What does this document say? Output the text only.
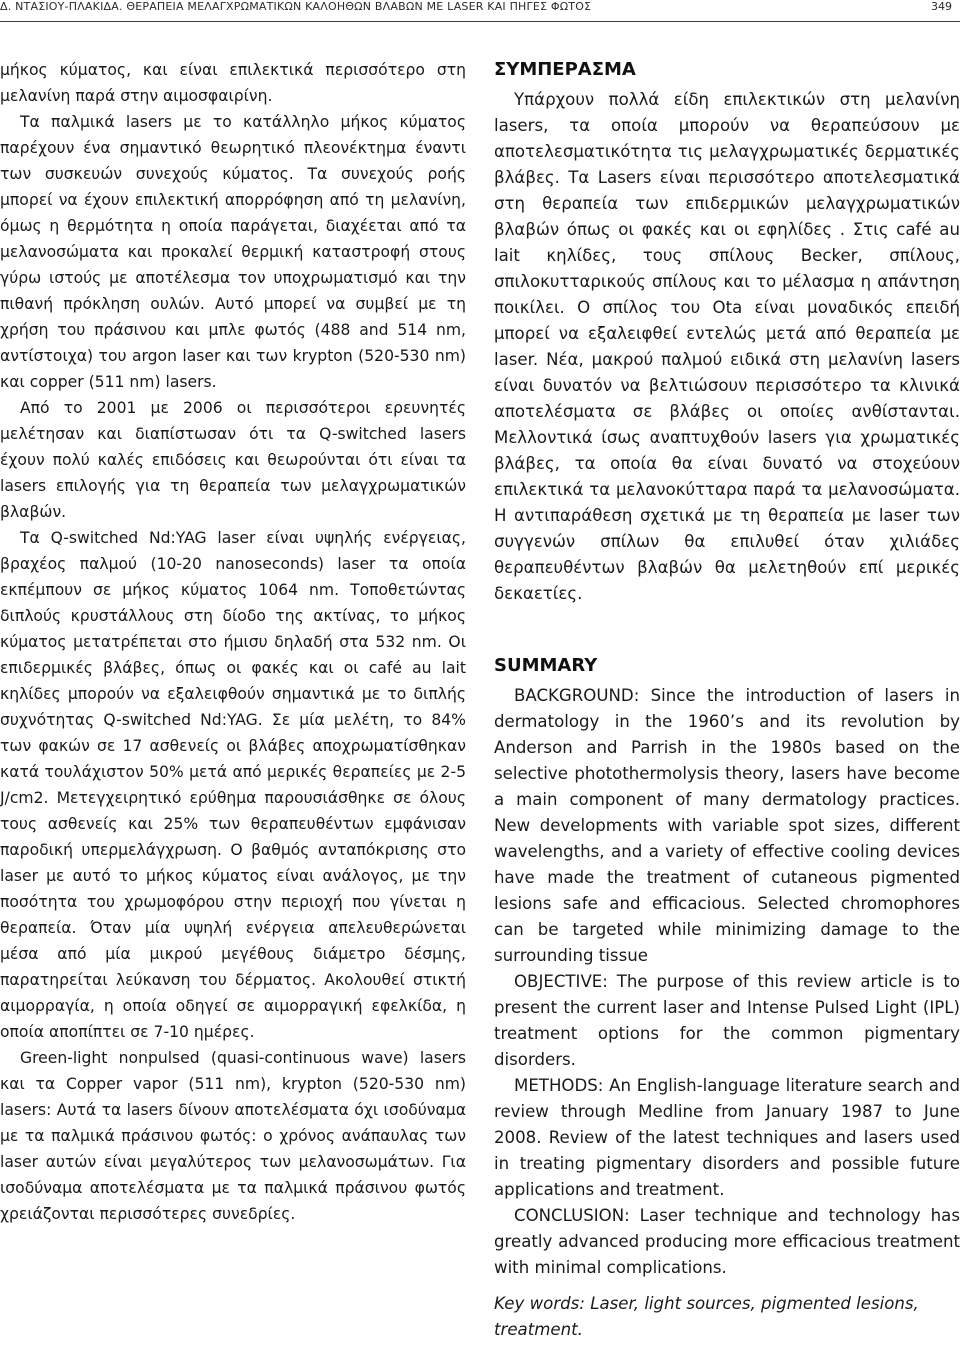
Δ. ΝΤΑΣΙΟΥ-ΠΛΑΚΙΔΑ. ΘΕΡΑΠΕΙΑ ΜΕΛΑΓΧΡΩΜΑΤΙΚΩΝ ΚΑΛΟΗΘΩΝ ΒΛΑΒΩΝ ΜΕ LASER ΚΑΙ ΠΗΓΕΣ ΦΩΤΟΣ	349

μήκος κύματος, και είναι επιλεκτικά περισσότερο στη μελανίνη παρά στην αιμοσφαιρίνη.

Τα παλμικά lasers με το κατάλληλο μήκος κύματος παρέχουν ένα σημαντικό θεωρητικό πλεονέκτημα έναντι των συσκευών συνεχούς κύματος. Τα συνεχούς ροής μπορεί να έχουν επιλεκτική απορρόφηση από τη μελανίνη, όμως η θερμότητα η οποία παράγεται, διαχέεται από τα μελανοσώματα και προκαλεί θερμική καταστροφή στους γύρω ιστούς με αποτέλεσμα τον υποχρωματισμό και την πιθανή πρόκληση ουλών. Αυτό μπορεί να συμβεί με τη χρήση του πράσινου και μπλε φωτός (488 and 514 nm, αντίστοιχα) του argon laser και των krypton (520-530 nm) και copper (511 nm) lasers.

Από το 2001 με 2006 οι περισσότεροι ερευνητές μελέτησαν και διαπίστωσαν ότι τα Q-switched lasers έχουν πολύ καλές επιδόσεις και θεωρούνται ότι είναι τα lasers επιλογής για τη θεραπεία των μελαγχρωματικών βλαβών.

Τα Q-switched Nd:YAG laser είναι υψηλής ενέργειας, βραχέος παλμού (10-20 nanoseconds) laser τα οποία εκπέμπουν σε μήκος κύματος 1064 nm. Τοποθετώντας διπλούς κρυστάλλους στη δίοδο της ακτίνας, το μήκος κύματος μετατρέπεται στο ήμισυ δηλαδή στα 532 nm. Οι επιδερμικές βλάβες, όπως οι φακές και οι café au lait κηλίδες μπορούν να εξαλειφθούν σημαντικά με το διπλής συχνότητας Q-switched Nd:YAG. Σε μία μελέτη, το 84% των φακών σε 17 ασθενείς οι βλάβες αποχρωματίσθηκαν κατά τουλάχιστον 50% μετά από μερικές θεραπείες με 2-5 J/cm2. Μετεγχειρητικό ερύθημα παρουσιάσθηκε σε όλους τους ασθενείς και 25% των θεραπευθέντων εμφάνισαν παροδική υπερμελάγχρωση. Ο βαθμός ανταπόκρισης στο laser με αυτό το μήκος κύματος είναι ανάλογος, με την ποσότητα του χρωμοφόρου στην περιοχή που γίνεται η θεραπεία. Όταν μία υψηλή ενέργεια απελευθερώνεται μέσα από μία μικρού μεγέθους διάμετρο δέσμης, παρατηρείται λεύκανση του δέρματος. Ακολουθεί στικτή αιμορραγία, η οποία οδηγεί σε αιμορραγική εφελκίδα, η οποία αποπίπτει σε 7-10 ημέρες.

Green-light nonpulsed (quasi-continuous wave) lasers και τα Copper vapor (511 nm), krypton (520-530 nm) lasers: Αυτά τα lasers δίνουν αποτελέσματα όχι ισοδύναμα με τα παλμικά πράσινου φωτός: ο χρόνος ανάπαυλας των laser αυτών είναι μεγαλύτερος των μελανοσωμάτων. Για ισοδύναμα αποτελέσματα με τα παλμικά πράσινου φωτός χρειάζονται περισσότερες συνεδρίες.

ΣΥΜΠΕΡΑΣΜΑ

Υπάρχουν πολλά είδη επιλεκτικών στη μελανίνη lasers, τα οποία μπορούν να θεραπεύσουν με αποτελεσματικότητα τις μελαγχρωματικές δερματικές βλάβες. Τα Lasers είναι περισσότερο αποτελεσματικά στη θεραπεία των επιδερμικών μελαγχρωματικών βλαβών όπως οι φακές και οι εφηλίδες . Στις café au lait κηλίδες, τους σπίλους Becker, σπίλους, σπιλοκυτταρικούς σπίλους και το μέλασμα η απάντηση ποικίλει. Ο σπίλος του Ota είναι μοναδικός επειδή μπορεί να εξαλειφθεί εντελώς μετά από θεραπεία με laser. Νέα, μακρού παλμού ειδικά στη μελανίνη lasers είναι δυνατόν να βελτιώσουν περισσότερο τα κλινικά αποτελέσματα σε βλάβες οι οποίες ανθίστανται. Μελλοντικά ίσως αναπτυχθούν lasers για χρωματικές βλάβες, τα οποία θα είναι δυνατό να στοχεύουν επιλεκτικά τα μελανοκύτταρα παρά τα μελανοσώματα. Η αντιπαράθεση σχετικά με τη θεραπεία με laser των συγγενών σπίλων θα επιλυθεί όταν χιλιάδες θεραπευθέντων βλαβών θα μελετηθούν επί μερικές δεκαετίες.

SUMMARY

BACKGROUND: Since the introduction of lasers in dermatology in the 1960’s and its revolution by Anderson and Parrish in the 1980s based on the selective photothermolysis theory, lasers have become a main component of many dermatology practices. New developments with variable spot sizes, different wavelengths, and a variety of effective cooling devices have made the treatment of cutaneous pigmented lesions safe and efficacious. Selected chromophores can be targeted while minimizing damage to the surrounding tissue

OBJECTIVE: The purpose of this review article is to present the current laser and Intense Pulsed Light (IPL) treatment options for the common pigmentary disorders.

METHODS: An English-language literature search and review through Medline from January 1987 to June 2008. Review of the latest techniques and lasers used in treating pigmentary disorders and possible future applications and treatment.

CONCLUSION: Laser technique and technology has greatly advanced producing more efficacious treatment with minimal complications.

Key words: Laser, light sources, pigmented lesions, treatment.
